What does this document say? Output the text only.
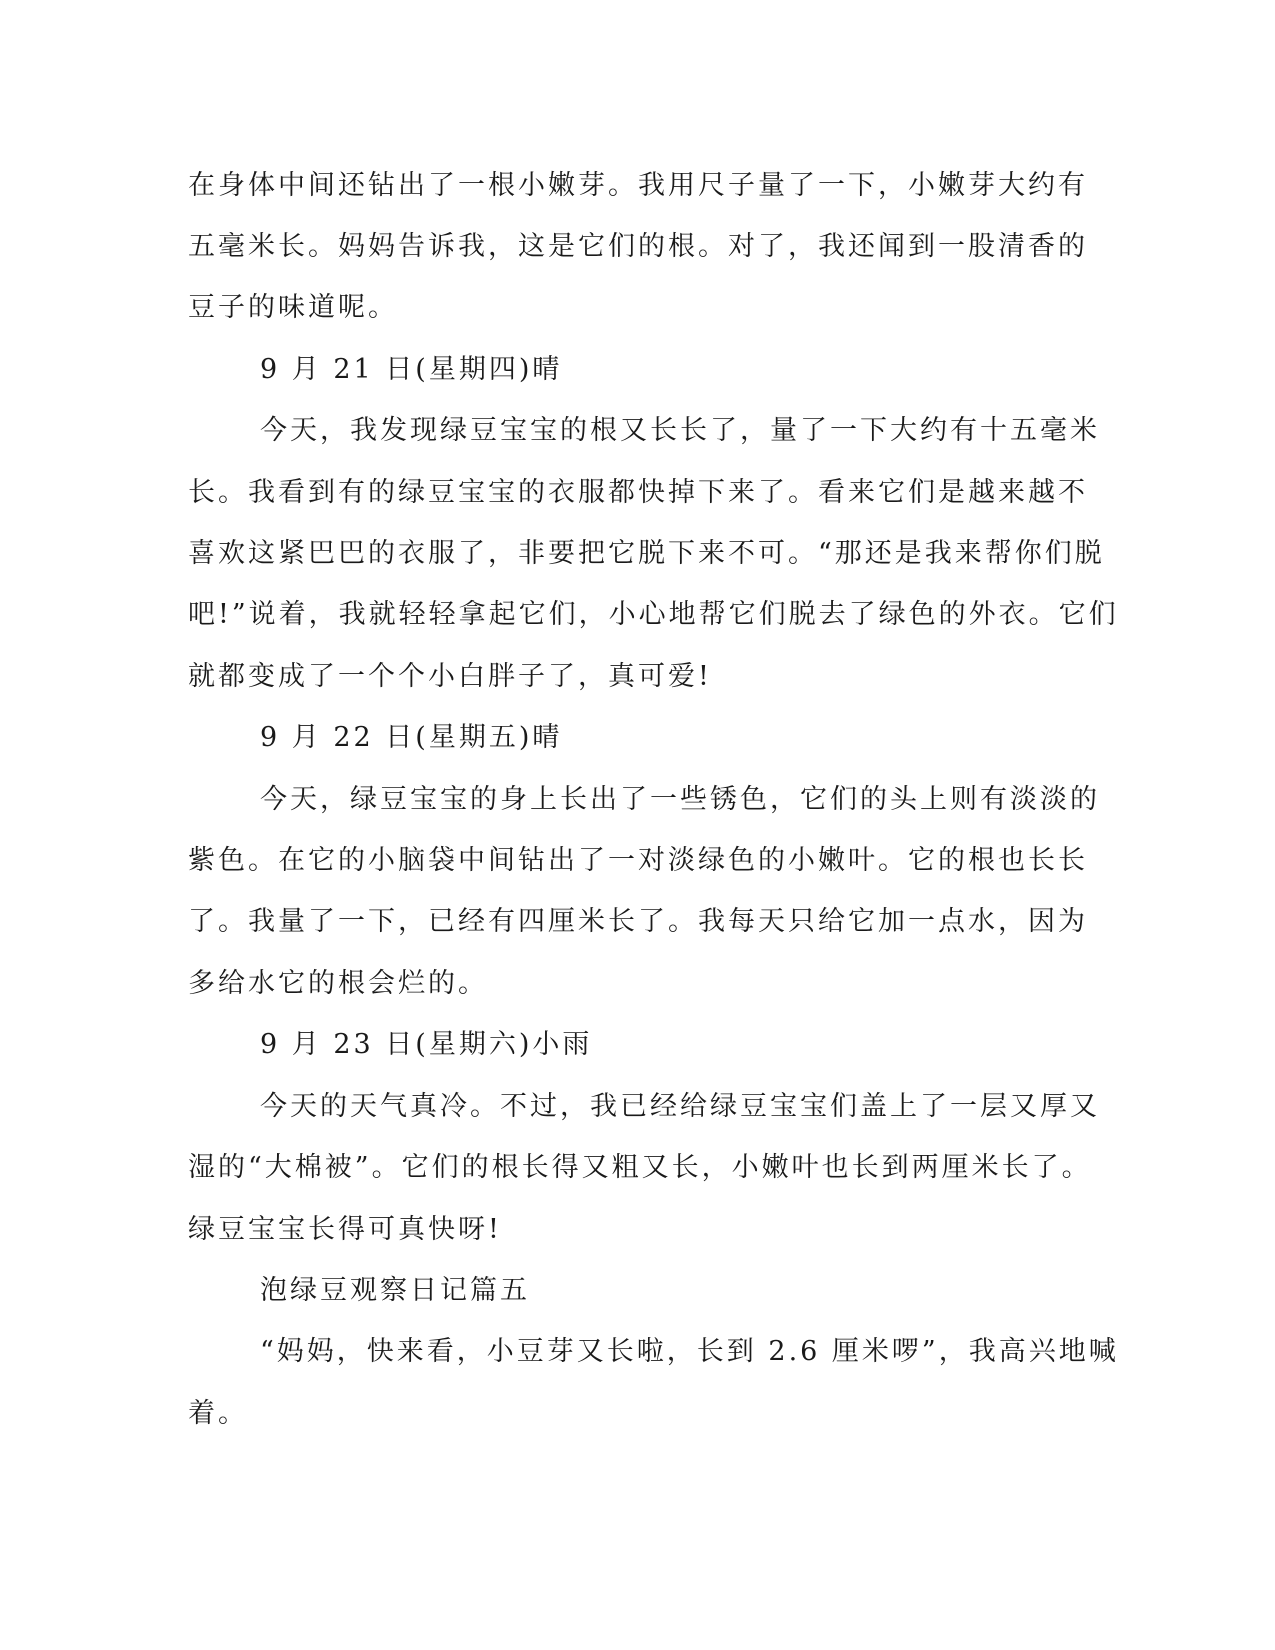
在身体中间还钻出了一根小嫩芽。我用尺子量了一下，小嫩芽大约有

五毫米长。妈妈告诉我，这是它们的根。对了，我还闻到一股清香的

豆子的味道呢。

9 月 21 日(星期四)晴

今天，我发现绿豆宝宝的根又长长了，量了一下大约有十五毫米

长。我看到有的绿豆宝宝的衣服都快掉下来了。看来它们是越来越不

喜欢这紧巴巴的衣服了，非要把它脱下来不可。“那还是我来帮你们脱

吧!”说着，我就轻轻拿起它们，小心地帮它们脱去了绿色的外衣。它们

就都变成了一个个小白胖子了，真可爱!

9 月 22 日(星期五)晴

今天，绿豆宝宝的身上长出了一些锈色，它们的头上则有淡淡的

紫色。在它的小脑袋中间钻出了一对淡绿色的小嫩叶。它的根也长长

了。我量了一下，已经有四厘米长了。我每天只给它加一点水，因为

多给水它的根会烂的。

9 月 23 日(星期六)小雨

今天的天气真冷。不过，我已经给绿豆宝宝们盖上了一层又厚又

湿的“大棉被”。它们的根长得又粗又长，小嫩叶也长到两厘米长了。

绿豆宝宝长得可真快呀!

泡绿豆观察日记篇五

“妈妈，快来看，小豆芽又长啦，长到 2.6 厘米啰”，我高兴地喊

着。
